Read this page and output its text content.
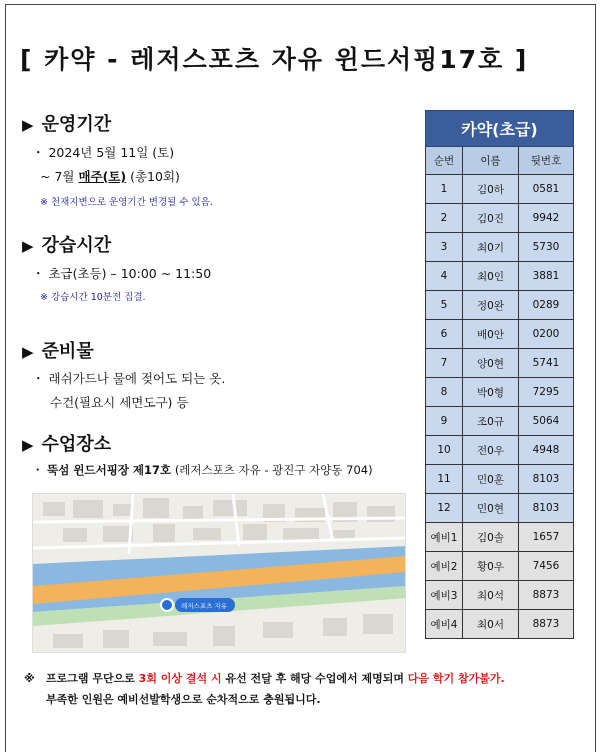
[ 카약 - 레저스포츠 자유 윈드서핑17호 ]
▶ 운영기간
・ 2024년 5월 11일 (토)
~ 7월 매주(토) (총10회)
※ 천재지변으로 운영기간 변경될 수 있음.
▶ 강습시간
・ 초급(초등) – 10:00 ~ 11:50
※ 강습시간 10분전 집결.
▶ 준비물
・ 래쉬가드나 물에 젖어도 되는 옷.
수건(필요시 세면도구) 등
▶ 수업장소
・ 뚝섬 윈드서핑장 제17호 (레저스포츠 자유 - 광진구 자양동 704)
레저스포츠 자유
카약(초급)		
순번	이름	뒷번호
1	김0하	0581
2	김0진	9942
3	최0기	5730
4	최0인	3881
5	정0완	0289
6	배0안	0200
7	양0현	5741
8	박0형	7295
9	조0규	5064
10	전0우	4948
11	민0훈	8103
12	민0현	8103
예비1	김0솔	1657
예비2	황0우	7456
예비3	최0석	8873
예비4	최0서	8873
※ 프로그램 무단으로 3회 이상 결석 시 유선 전달 후 해당 수업에서 제명되며 다음 학기 참가불가.
부족한 인원은 예비선발학생으로 순차적으로 충원됩니다.
